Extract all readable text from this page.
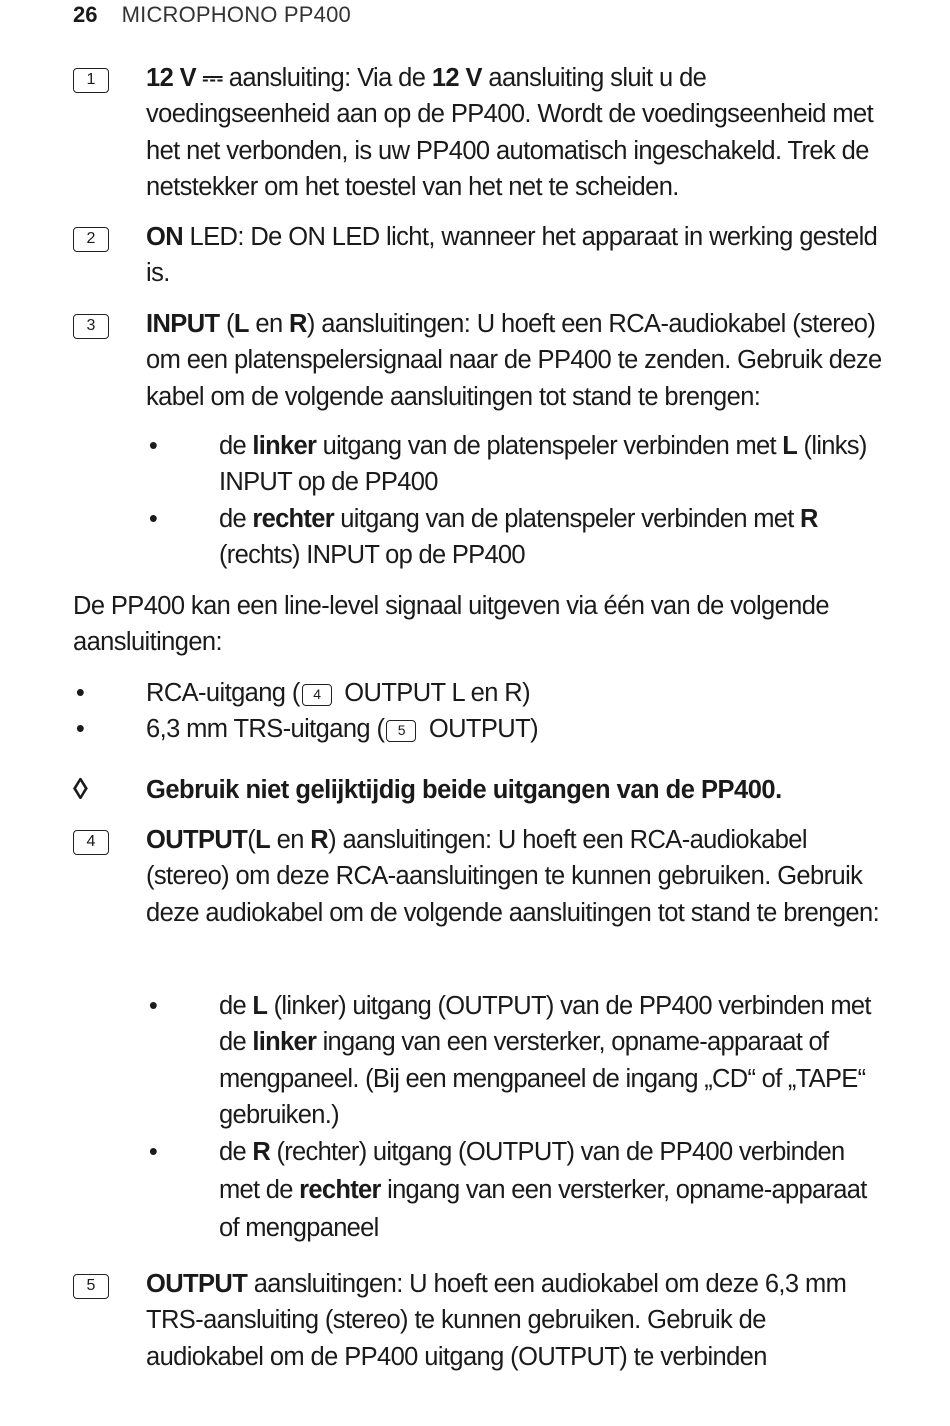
26 MICROPHONO PP400
1	12 V ⎓ aansluiting: Via de 12 V aansluiting sluit u de voedingseenheid aan op de PP400. Wordt de voedingseenheid met het net verbonden, is uw PP400 automatisch ingeschakeld. Trek de netstekker om het toestel van het net te scheiden.
2	ON LED: De ON LED licht, wanneer het apparaat in werking gesteld is.
3	INPUT (L en R) aansluitingen: U hoeft een RCA-audiokabel (stereo) om een platenspelersignaal naar de PP400 te zenden. Gebruik deze kabel om de volgende aansluitingen tot stand te brengen:
• de linker uitgang van de platenspeler verbinden met L (links) INPUT op de PP400
• de rechter uitgang van de platenspeler verbinden met R (rechts) INPUT op de PP400
De PP400 kan een line-level signaal uitgeven via één van de volgende aansluitingen:
• RCA-uitgang ( 4 OUTPUT L en R)
• 6,3 mm TRS-uitgang ( 5 OUTPUT)
◊ Gebruik niet gelijktijdig beide uitgangen van de PP400.
4	OUTPUT(L en R) aansluitingen: U hoeft een RCA-audiokabel (stereo) om deze RCA-aansluitingen te kunnen gebruiken. Gebruik deze audiokabel om de volgende aansluitingen tot stand te brengen:
• de L (linker) uitgang (OUTPUT) van de PP400 verbinden met de linker ingang van een versterker, opname-apparaat of mengpaneel. (Bij een mengpaneel de ingang „CD“ of „TAPE“ gebruiken.)
• de R (rechter) uitgang (OUTPUT) van de PP400 verbinden met de rechter ingang van een versterker, opname-apparaat of mengpaneel
5	OUTPUT aansluitingen: U hoeft een audiokabel om deze 6,3 mm TRS-aansluiting (stereo) te kunnen gebruiken. Gebruik de audiokabel om de PP400 uitgang (OUTPUT) te verbinden
